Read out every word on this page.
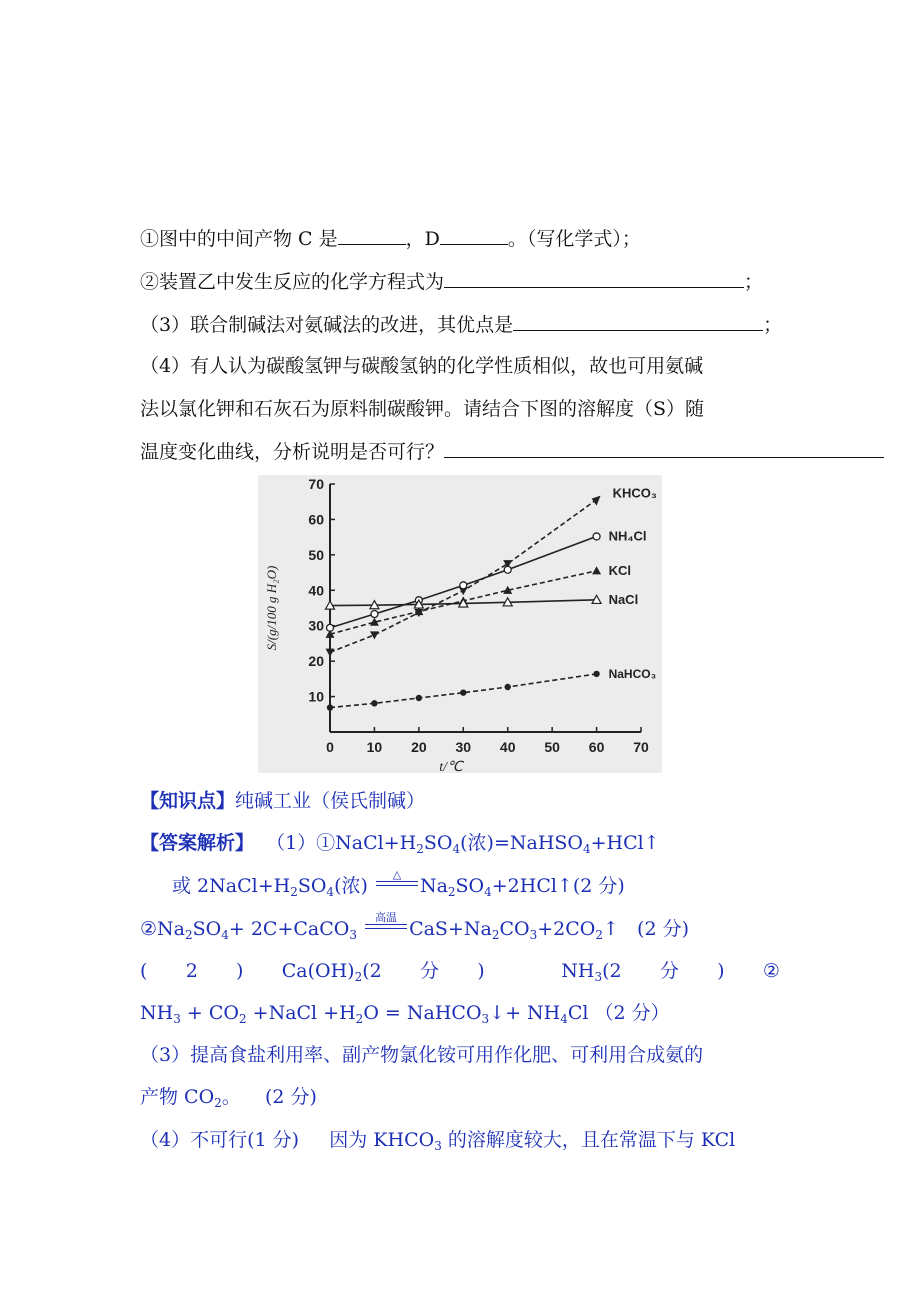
①图中的中间产物 C 是	，D	。（写化学式）；
②装置乙中发生反应的化学方程式为	；
（3）联合制碱法对氨碱法的改进，其优点是	；
（4）有人认为碳酸氢钾与碳酸氢钠的化学性质相似，故也可用氨碱
法以氯化钾和石灰石为原料制碳酸钾。请结合下图的溶解度（S）随
温度变化曲线，分析说明是否可行？
0 10 20 30 40 50 60 70
10
20
30
40
50
60
70
t/℃
S/(g/100 g H₂O)
KHCO₃
NH₄Cl
KCl
NaCl
NaHCO₃
【知识点】纯碱工业（侯氏制碱）
【答案解析】  $(1)①NaCl+H_2SO_4$(浓)=NaHSO$_4$+HCl↑
或 $2NaCl+H_2SO_4$(浓)
△
$Na_2SO_4+2HCl↑(2$ 分)
$②Na_2SO_4+$ 2C+CaCO$_3$
高温
$CaS+Na_2CO_3+2CO_2↑$   (2 分)
( 2 ) $Ca(OH)_2(2$ 分 )	$NH_3(2$ 分 ) ②
$NH_3 + CO_2$ +NaCl $+H_2O$ = NaHCO$_3$↓+ $NH_4Cl$ （2 分）
（3）提高食盐利用率、副产物氯化铵可用作化肥、可利用合成氨的
产物 $CO_2$。    (2 分)
（4）不可行(1 分)     因为 $KHCO_3$ 的溶解度较大，且在常温下与 KCl
